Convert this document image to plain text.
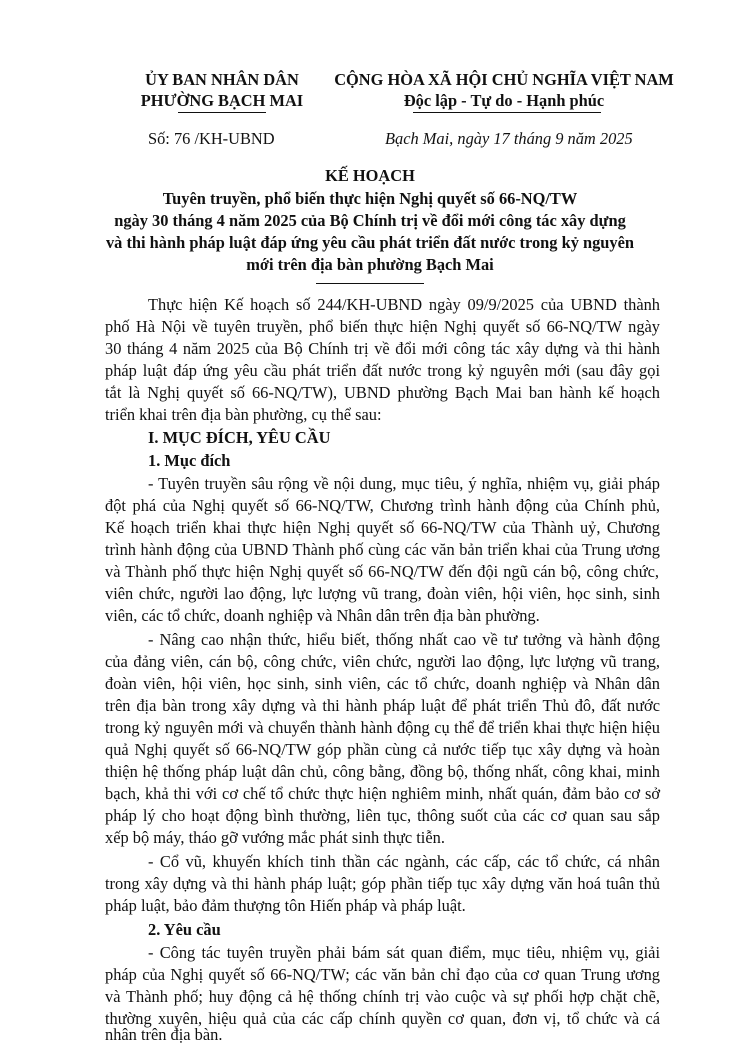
ỦY BAN NHÂN DÂN
PHƯỜNG BẠCH MAI
CỘNG HÒA XÃ HỘI CHỦ NGHĨA VIỆT NAM
Độc lập - Tự do - Hạnh phúc
Số: 76 /KH-UBND	Bạch Mai, ngày 17 tháng 9 năm 2025
KẾ HOẠCH
Tuyên truyền, phổ biến thực hiện Nghị quyết số 66-NQ/TW
ngày 30 tháng 4 năm 2025 của Bộ Chính trị về đổi mới công tác xây dựng
và thi hành pháp luật đáp ứng yêu cầu phát triển đất nước trong kỷ nguyên
mới trên địa bàn phường Bạch Mai
Thực hiện Kế hoạch số 244/KH-UBND ngày 09/9/2025 của UBND thành
phố Hà Nội về tuyên truyền, phổ biến thực hiện Nghị quyết số 66-NQ/TW ngày
30 tháng 4 năm 2025 của Bộ Chính trị về đổi mới công tác xây dựng và thi hành
pháp luật đáp ứng yêu cầu phát triển đất nước trong kỷ nguyên mới (sau đây gọi
tắt là Nghị quyết số 66-NQ/TW), UBND phường Bạch Mai ban hành kế hoạch
triển khai trên địa bàn phường, cụ thể sau:
I. MỤC ĐÍCH, YÊU CẦU
1. Mục đích
- Tuyên truyền sâu rộng về nội dung, mục tiêu, ý nghĩa, nhiệm vụ, giải pháp
đột phá của Nghị quyết số 66-NQ/TW, Chương trình hành động của Chính phủ,
Kế hoạch triển khai thực hiện Nghị quyết số 66-NQ/TW của Thành uỷ, Chương
trình hành động của UBND Thành phố cùng các văn bản triển khai của Trung ương
và Thành phố thực hiện Nghị quyết số 66-NQ/TW đến đội ngũ cán bộ, công chức,
viên chức, người lao động, lực lượng vũ trang, đoàn viên, hội viên, học sinh, sinh
viên, các tổ chức, doanh nghiệp và Nhân dân trên địa bàn phường.
- Nâng cao nhận thức, hiểu biết, thống nhất cao về tư tưởng và hành động
của đảng viên, cán bộ, công chức, viên chức, người lao động, lực lượng vũ trang,
đoàn viên, hội viên, học sinh, sinh viên, các tổ chức, doanh nghiệp và Nhân dân
trên địa bàn trong xây dựng và thi hành pháp luật để phát triển Thủ đô, đất nước
trong kỷ nguyên mới và chuyển thành hành động cụ thể để triển khai thực hiện hiệu
quả Nghị quyết số 66-NQ/TW góp phần cùng cả nước tiếp tục xây dựng và hoàn
thiện hệ thống pháp luật dân chủ, công bằng, đồng bộ, thống nhất, công khai, minh
bạch, khả thi với cơ chế tổ chức thực hiện nghiêm minh, nhất quán, đảm bảo cơ sở
pháp lý cho hoạt động bình thường, liên tục, thông suốt của các cơ quan sau sắp
xếp bộ máy, tháo gỡ vướng mắc phát sinh thực tiễn.
- Cổ vũ, khuyến khích tinh thần các ngành, các cấp, các tổ chức, cá nhân
trong xây dựng và thi hành pháp luật; góp phần tiếp tục xây dựng văn hoá tuân thủ
pháp luật, bảo đảm thượng tôn Hiến pháp và pháp luật.
2. Yêu cầu
- Công tác tuyên truyền phải bám sát quan điểm, mục tiêu, nhiệm vụ, giải
pháp của Nghị quyết số 66-NQ/TW; các văn bản chỉ đạo của cơ quan Trung ương
và Thành phố; huy động cả hệ thống chính trị vào cuộc và sự phối hợp chặt chẽ,
thường xuyên, hiệu quả của các cấp chính quyền cơ quan, đơn vị, tổ chức và cá
nhân trên địa bàn.
